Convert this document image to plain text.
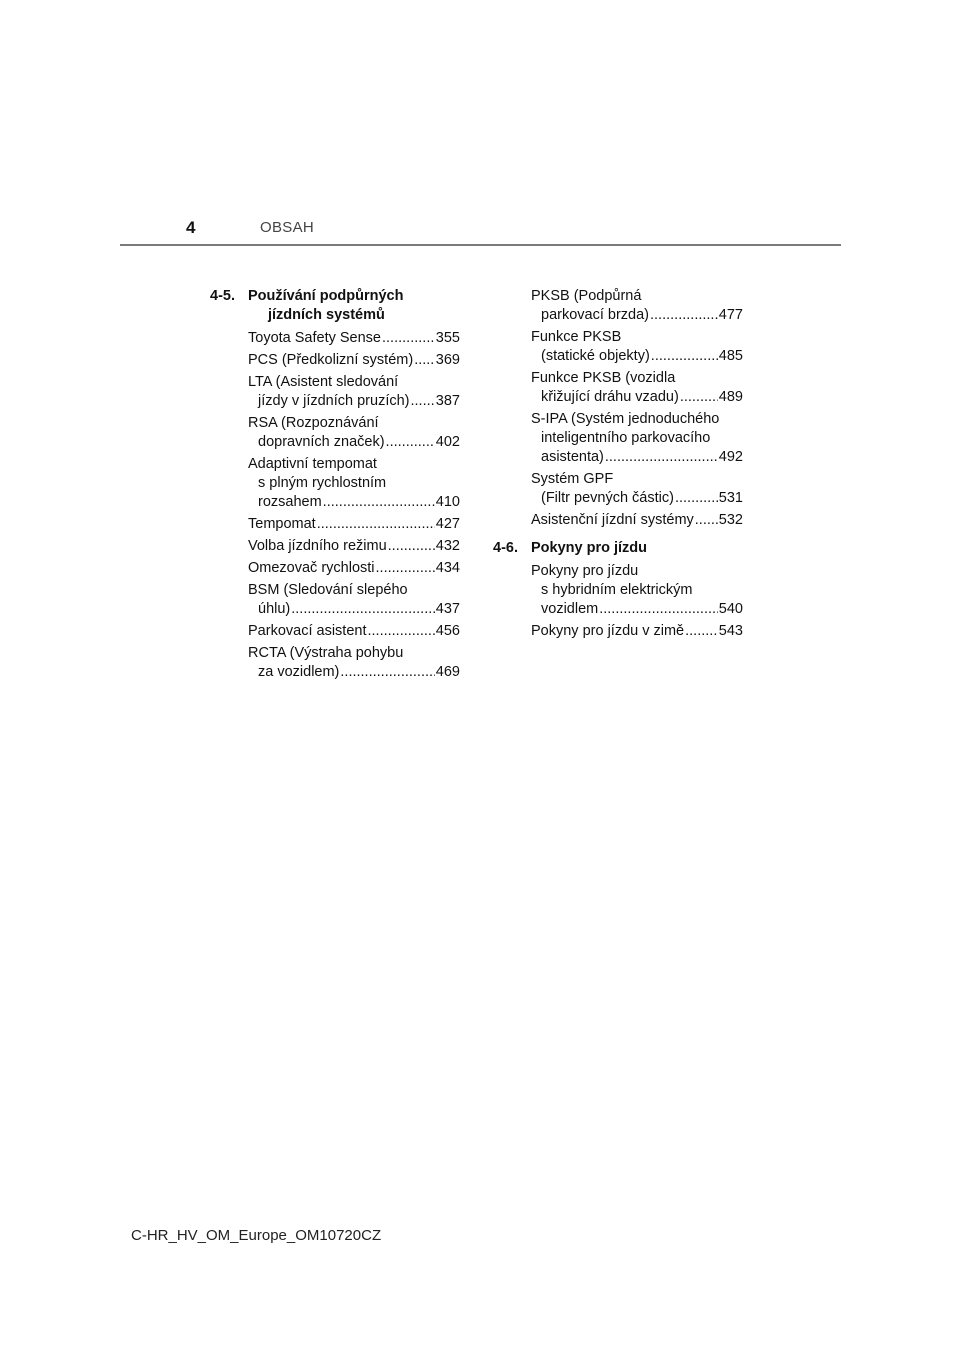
4	OBSAH
4-5. Používání podpůrných
jízdních systémů
Toyota Safety Sense .....	355
PCS (Předkolizní systém) ..... 369
LTA (Asistent sledování
jízdy v jízdních pruzích) ..... 387
RSA (Rozpoznávání
dopravních značek) .....	402
Adaptivní tempomat
s plným rychlostním
rozsahem .....	410
Tempomat .....	427
Volba jízdního režimu .....	432
Omezovač rychlosti .....	434
BSM (Sledování slepého
úhlu) .....	437
Parkovací asistent .....	456
RCTA (Výstraha pohybu
za vozidlem) .....	469
PKSB (Podpůrná
parkovací brzda) .....	477
Funkce PKSB
(statické objekty) .....	485
Funkce PKSB (vozidla
křižující dráhu vzadu) .....	489
S-IPA (Systém jednoduchého
inteligentního parkovacího
asistenta) .....	492
Systém GPF
(Filtr pevných částic) .....	531
Asistenční jízdní systémy ..... 532
4-6. Pokyny pro jízdu
Pokyny pro jízdu
s hybridním elektrickým
vozidlem .....	540
Pokyny pro jízdu v zimě ..... 543
C-HR_HV_OM_Europe_OM10720CZ
